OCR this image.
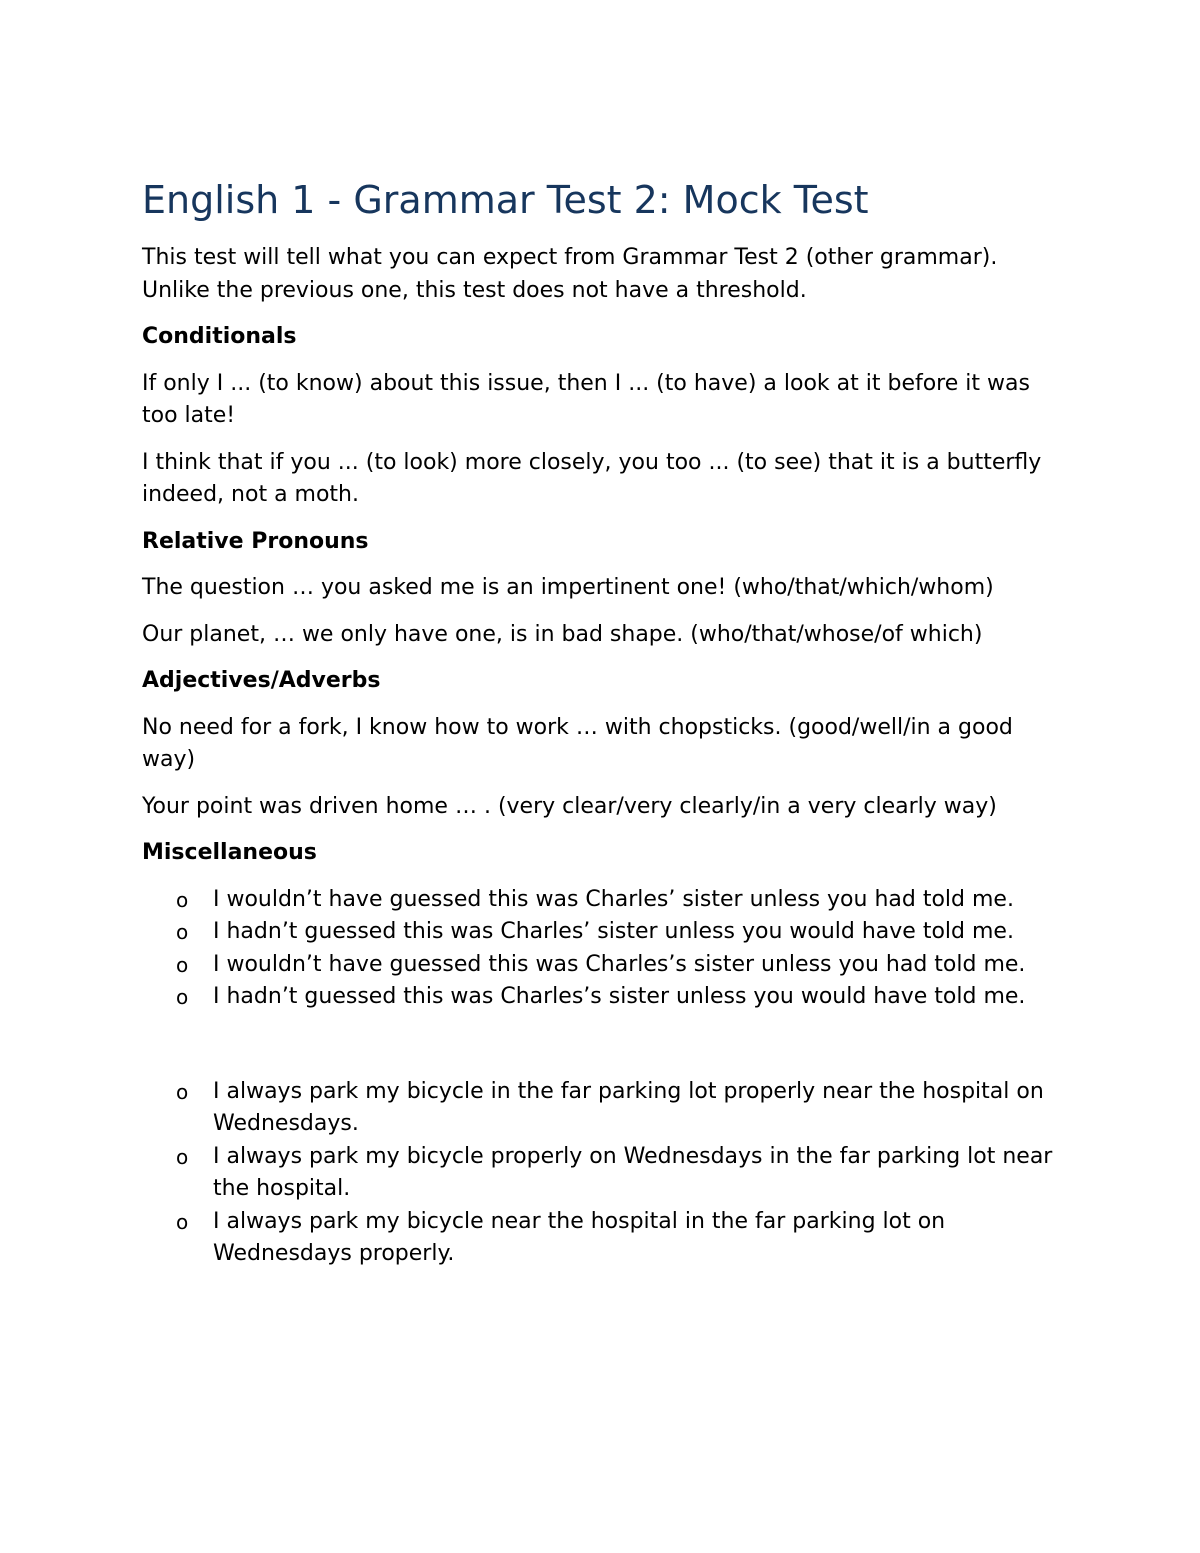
English 1 - Grammar Test 2: Mock Test

This test will tell what you can expect from Grammar Test 2 (other grammar). Unlike the previous one, this test does not have a threshold.

Conditionals

If only I ... (to know) about this issue, then I ... (to have) a look at it before it was too late!

I think that if you ... (to look) more closely, you too ... (to see) that it is a butterfly indeed, not a moth.

Relative Pronouns

The question … you asked me is an impertinent one! (who/that/which/whom)

Our planet, … we only have one, is in bad shape. (who/that/whose/of which)

Adjectives/Adverbs

No need for a fork, I know how to work … with chopsticks. (good/well/in a good way)

Your point was driven home … . (very clear/very clearly/in a very clearly way)

Miscellaneous
o I wouldn’t have guessed this was Charles’ sister unless you had told me.
o I hadn’t guessed this was Charles’ sister unless you would have told me.
o I wouldn’t have guessed this was Charles’s sister unless you had told me.
o I hadn’t guessed this was Charles’s sister unless you would have told me.
o I always park my bicycle in the far parking lot properly near the hospital on Wednesdays.
o I always park my bicycle properly on Wednesdays in the far parking lot near the hospital.
o I always park my bicycle near the hospital in the far parking lot on Wednesdays properly.
